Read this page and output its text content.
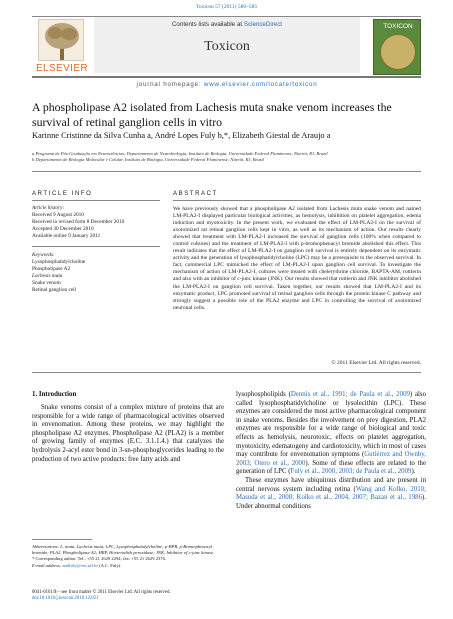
Toxicon 57 (2011) 580–585
ELSEVIER
Contents lists available at ScienceDirect
Toxicon
journal homepage: www.elsevier.com/locate/toxicon
TOXICON
A phospholipase A2 isolated from Lachesis muta snake venom increases the survival of retinal ganglion cells in vitro
Karinne Cristinne da Silva Cunha a, André Lopes Fuly b,*, Elizabeth Giestal de Araujo a
a Programa de Pós-Graduação em Neurociências, Departamento de Neurobiologia, Instituto de Biologia, Universidade Federal Fluminense, Niterói, RJ, Brazil
b Departamento de Biologia Molecular e Celular, Instituto de Biologia, Universidade Federal Fluminense, Niterói, RJ, Brazil
ARTICLE INFO	ABSTRACT
Article history:
Received 9 August 2010
Received in revised form 8 December 2010
Accepted 30 December 2010
Available online 9 January 2011
Keywords:
Lysophosphatidylcholine
Phospholipase A2
Lachesis muta
Snake venom
Retinal ganglion cell
We have previously showed that a phospholipase A2 isolated from Lachesis muta snake venom and named LM-PLA2-I displayed particular biological activities, as hemolysis, inhibition on platelet aggregation, edema induction and myotoxicity. In the present work, we evaluated the effect of LM-PLA2-I on the survival of axotomized rat retinal ganglion cells kept in vitro, as well as its mechanism of action. Our results clearly showed that treatment with LM-PLA2-I increased the survival of ganglion cells (100% when compared to control cultures) and the treatment of LM-PLA2-I with p-bromophenacyl bromide abolished this effect. This result indicates that the effect of LM-PLA2-I on ganglion cell survival is entirely dependent on its enzymatic activity and the generation of lysophosphatidylcholine (LPC) may be a prerequisite to the observed survival. In fact, commercial LPC mimicked the effect of LM-PLA2-I upon ganglion cell survival. To investigate the mechanism of action of LM-PLA2-I, cultures were treated with chelerythrine chloride, BAPTA-AM, rottlerin and also with an inhibitor of c-junc kinase (JNK). Our results showed that rottlerin and JNK inhibitor abolished the LM-PLA2-I on ganglion cell survival. Taken together, our results showed that LM-PLA2-I and its enzymatic product, LPC promoted survival of retinal ganglion cells through the protein kinase C pathway and strongly suggest a possible role of the PLA2 enzyme and LPC in controlling the survival of axotomized neuronal cells.
© 2011 Elsevier Ltd. All rights reserved.
1. Introduction
Snake venoms consist of a complex mixture of proteins that are responsible for a wide range of pharmacological activities observed in envenomation. Among these proteins, we may highlight the phospholipase A2 enzymes. Phospholipase A2 (PLA2) is a member of growing family of enzymes (E.C. 3.1.1.4.) that catalyzes the hydrolysis 2-acyl ester bond in 3-sn-phosphoglycerides leading to the production of two active products: free fatty acids and
lysophospholipids (Dennis et al., 1991; de Paula et al., 2009) also called lysophosphatidylcholine or lysolecithin (LPC). These enzymes are considered the most active pharmacological component in snake venoms. Besides the involvement on prey digestion, PLA2 enzymes are responsible for a wide range of biological and toxic effects as hemolysis, neurotoxic, effects on platelet aggregation, myotoxicity, edematogeny and cardiotoxicity, which in most of cases may contribute for envenomation symptoms (Gutiérrez and Ownby, 2003; Otero et al., 2000). Some of these effects are related to the generation of LPC (Fuly et al., 2000, 2003; de Paula et al., 2009).
These enzymes have ubiquitous distribution and are present in central nervous system including retina (Wang and Kolko, 2010; Masuda et al., 2008; Kolko et al., 2004, 2007; Bazan et al., 1986). Under abnormal conditions
Abbreviations: L. muta, Lachesis muta; LPC, Lysophosphatidylcholine; p-BPB, p-Bromophenacyl bromide; PLA2, Phospholipase A2; HRP, Horseradish peroxidase; JNK, Inhibitor of c-junc kinase.
* Corresponding author. Tel.: +55 21 2629 2294; fax: +55 21 2629 2376.
E-mail address: andfuly@vm.uff.br (A.L. Fuly).
0041-0101/$ – see front matter © 2011 Elsevier Ltd. All rights reserved.
doi:10.1016/j.toxicon.2010.12.021
